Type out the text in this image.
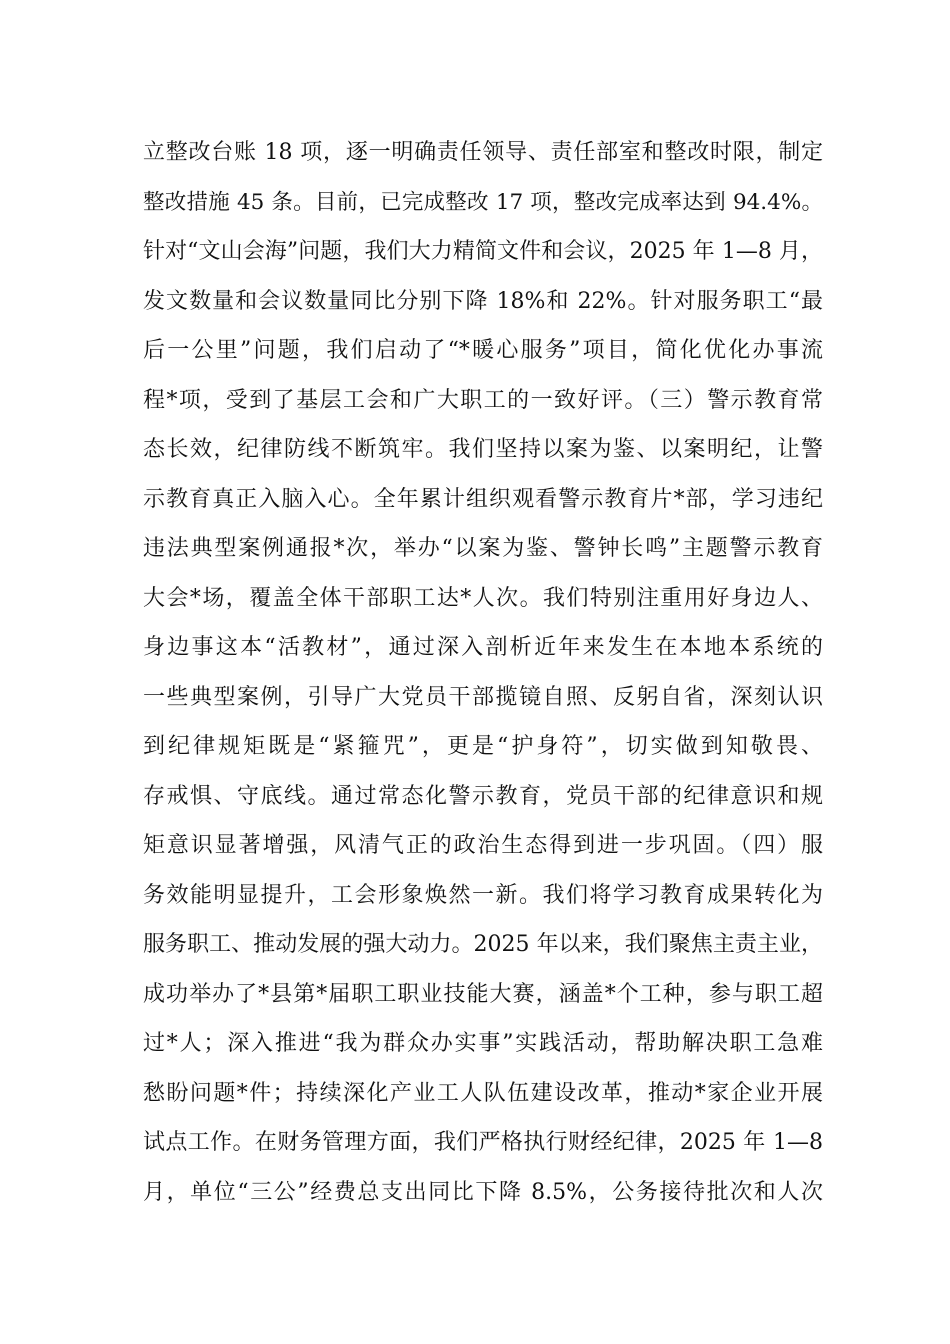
立整改台账 18 项，逐一明确责任领导、责任部室和整改时限，制定
整改措施 45 条。目前，已完成整改 17 项，整改完成率达到 94.4%。
针对“文山会海”问题，我们大力精简文件和会议，2025 年 1—8 月，
发文数量和会议数量同比分别下降 18%和 22%。针对服务职工“最
后一公里”问题，我们启动了“*暖心服务”项目，简化优化办事流
程*项，受到了基层工会和广大职工的一致好评。（三）警示教育常
态长效，纪律防线不断筑牢。我们坚持以案为鉴、以案明纪，让警
示教育真正入脑入心。全年累计组织观看警示教育片*部，学习违纪
违法典型案例通报*次，举办“以案为鉴、警钟长鸣”主题警示教育
大会*场，覆盖全体干部职工达*人次。我们特别注重用好身边人、
身边事这本“活教材”，通过深入剖析近年来发生在本地本系统的
一些典型案例，引导广大党员干部揽镜自照、反躬自省，深刻认识
到纪律规矩既是“紧箍咒”，更是“护身符”，切实做到知敬畏、
存戒惧、守底线。通过常态化警示教育，党员干部的纪律意识和规
矩意识显著增强，风清气正的政治生态得到进一步巩固。（四）服
务效能明显提升，工会形象焕然一新。我们将学习教育成果转化为
服务职工、推动发展的强大动力。2025 年以来，我们聚焦主责主业，
成功举办了*县第*届职工职业技能大赛，涵盖*个工种，参与职工超
过*人；深入推进“我为群众办实事”实践活动，帮助解决职工急难
愁盼问题*件；持续深化产业工人队伍建设改革，推动*家企业开展
试点工作。在财务管理方面，我们严格执行财经纪律，2025 年 1—8
月，单位“三公”经费总支出同比下降 8.5%，公务接待批次和人次
